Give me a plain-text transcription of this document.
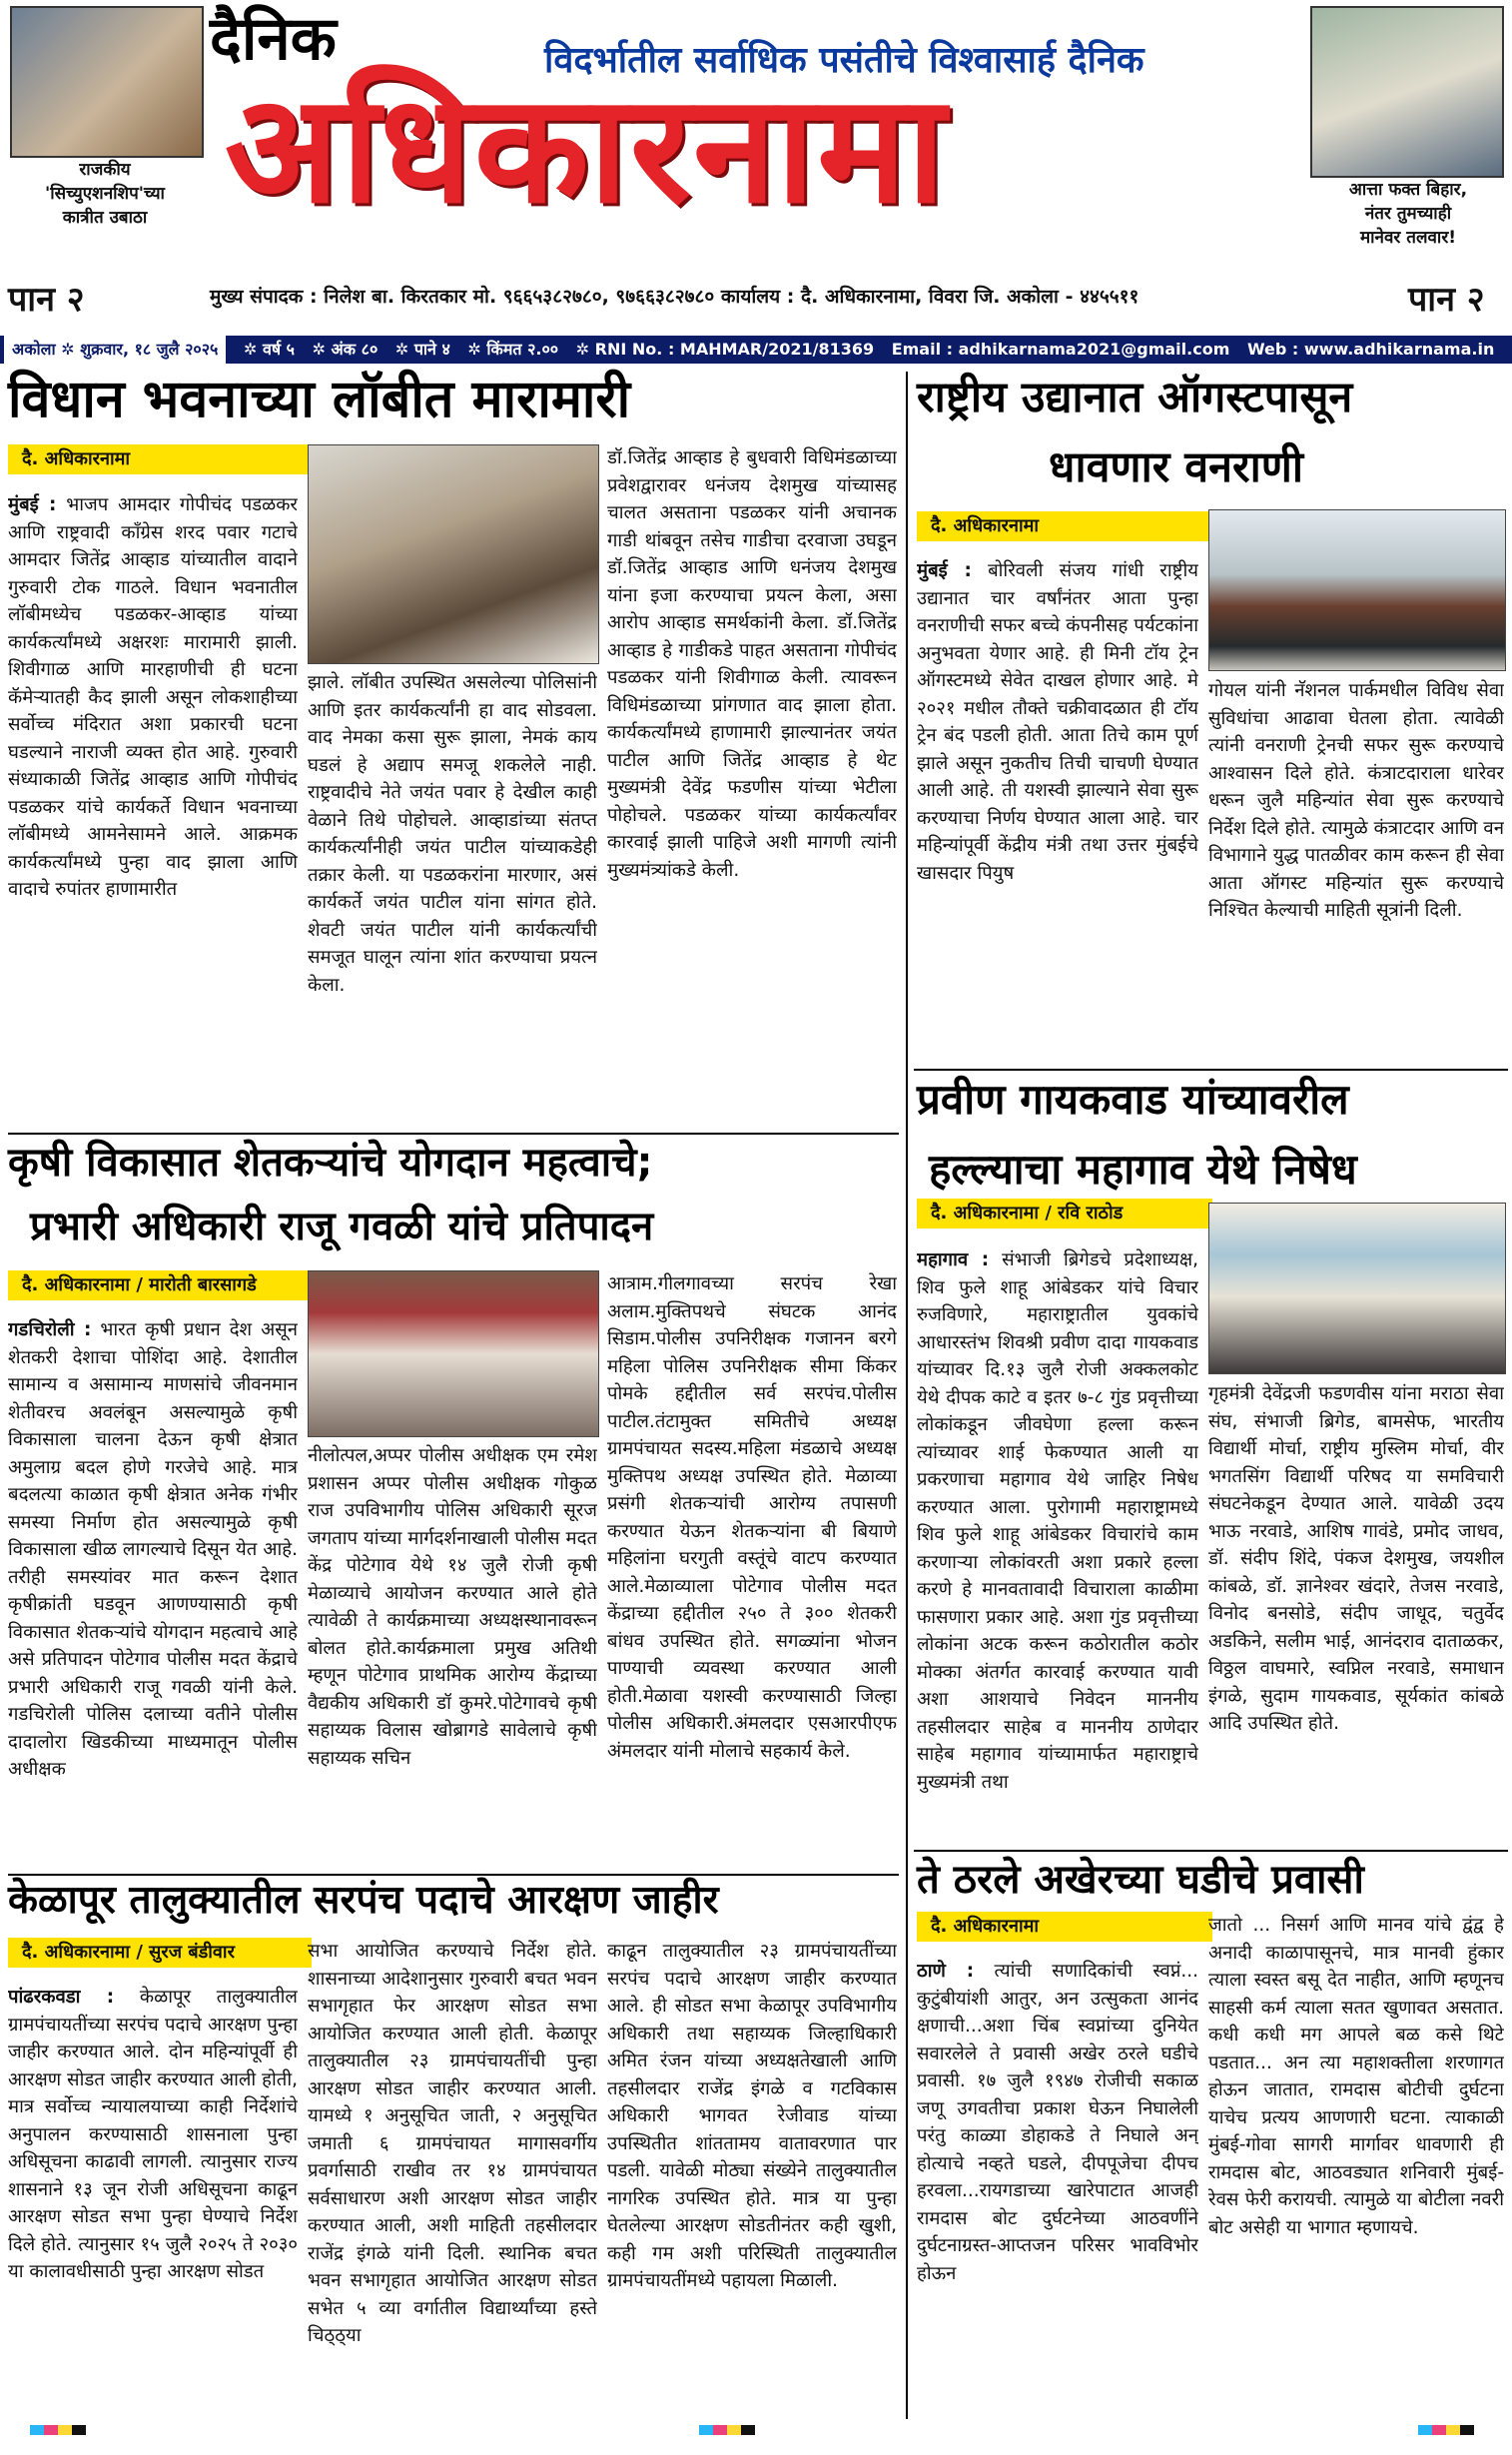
राजकीय
'सिच्युएशनशिप'च्या
कात्रीत उबाठा
दैनिक	विदर्भातील सर्वाधिक पसंतीचे विश्वासार्ह दैनिक
अधिकारनामा	आत्ता फक्त बिहार,
नंतर तुमच्याही
मानेवर तलवार!
पान २	मुख्य संपादक : निलेश बा. किरतकार मो. ९६६५३८२७८०, ९७६६३८२७८० कार्यालय : दै. अधिकारनामा, विवरा जि. अकोला - ४४५५११	पान २
अकोला ✲ शुक्रवार, १८ जुलै २०२५ ✲ वर्ष ५ ✲ अंक ८० ✲ पाने ४ ✲ किंमत २.०० ✲ RNI No. : MAHMAR/2021/81369 Email : adhikarnama2021@gmail.com Web : www.adhikarnama.in
विधान भवनाच्या लॉबीत मारामारी
दै. अधिकारनामा
मुंबई : भाजप आमदार गोपीचंद पडळकर आणि राष्ट्रवादी काँग्रेस शरद पवार गटाचे आमदार जितेंद्र आव्हाड यांच्यातील वादाने गुरुवारी टोक गाठले. विधान भवनातील लॉबीमध्येच पडळकर-आव्हाड यांच्या कार्यकर्त्यांमध्ये अक्षरशः मारामारी झाली. शिवीगाळ आणि मारहाणीची ही घटना कॅमेऱ्यातही कैद झाली असून लोकशाहीच्या सर्वोच्च मंदिरात अशा प्रकारची घटना घडल्याने नाराजी व्यक्त होत आहे. गुरुवारी संध्याकाळी जितेंद्र आव्हाड आणि गोपीचंद पडळकर यांचे कार्यकर्ते विधान भवनाच्या लॉबीमध्ये आमनेसामने आले. आक्रमक कार्यकर्त्यांमध्ये पुन्हा वाद झाला आणि वादाचे रुपांतर हाणामारीत
झाले. लॉबीत उपस्थित असलेल्या पोलिसांनी आणि इतर कार्यकर्त्यांनी हा वाद सोडवला. वाद नेमका कसा सुरू झाला, नेमकं काय घडलं हे अद्याप समजू शकलेले नाही. राष्ट्रवादीचे नेते जयंत पवार हे देखील काही वेळाने तिथे पोहोचले. आव्हाडांच्या संतप्त कार्यकर्त्यांनीही जयंत पाटील यांच्याकडेही तक्रार केली. या पडळकरांना मारणार, असं कार्यकर्ते जयंत पाटील यांना सांगत होते. शेवटी जयंत पाटील यांनी कार्यकर्त्यांची समजूत घालून त्यांना शांत करण्याचा प्रयत्न केला.
डॉ.जितेंद्र आव्हाड हे बुधवारी विधिमंडळाच्या प्रवेशद्वारावर धनंजय देशमुख यांच्यासह चालत असताना पडळकर यांनी अचानक गाडी थांबवून तसेच गाडीचा दरवाजा उघडून डॉ.जितेंद्र आव्हाड आणि धनंजय देशमुख यांना इजा करण्याचा प्रयत्न केला, असा आरोप आव्हाड समर्थकांनी केला. डॉ.जितेंद्र आव्हाड हे गाडीकडे पाहत असताना गोपीचंद पडळकर यांनी शिवीगाळ केली. त्यावरून विधिमंडळाच्या प्रांगणात वाद झाला होता. कार्यकर्त्यांमध्ये हाणामारी झाल्यानंतर जयंत पाटील आणि जितेंद्र आव्हाड हे थेट मुख्यमंत्री देवेंद्र फडणीस यांच्या भेटीला पोहोचले. पडळकर यांच्या कार्यकर्त्यांवर कारवाई झाली पाहिजे अशी मागणी त्यांनी मुख्यमंत्र्यांकडे केली.
राष्ट्रीय उद्यानात ऑगस्टपासून
धावणार वनराणी
दै. अधिकारनामा
मुंबई : बोरिवली संजय गांधी राष्ट्रीय उद्यानात चार वर्षांनंतर आता पुन्हा वनराणीची सफर बच्चे कंपनीसह पर्यटकांना अनुभवता येणार आहे. ही मिनी टॉय ट्रेन ऑगस्टमध्ये सेवेत दाखल होणार आहे. मे २०२१ मधील तौक्ते चक्रीवादळात ही टॉय ट्रेन बंद पडली होती. आता तिचे काम पूर्ण झाले असून नुकतीच तिची चाचणी घेण्यात आली आहे. ती यशस्वी झाल्याने सेवा सुरू करण्याचा निर्णय घेण्यात आला आहे. चार महिन्यांपूर्वी केंद्रीय मंत्री तथा उत्तर मुंबईचे खासदार पियुष
गोयल यांनी नॅशनल पार्कमधील विविध सेवा सुविधांचा आढावा घेतला होता. त्यावेळी त्यांनी वनराणी ट्रेनची सफर सुरू करण्याचे आश्वासन दिले होते. कंत्राटदाराला धारेवर धरून जुलै महिन्यांत सेवा सुरू करण्याचे निर्देश दिले होते. त्यामुळे कंत्राटदार आणि वन विभागाने युद्ध पातळीवर काम करून ही सेवा आता ऑगस्ट महिन्यांत सुरू करण्याचे निश्चित केल्याची माहिती सूत्रांनी दिली.
कृषी विकासात शेतकऱ्यांचे योगदान महत्वाचे;
प्रभारी अधिकारी राजू गवळी यांचे प्रतिपादन
दै. अधिकारनामा / मारोती बारसागडे
गडचिरोली : भारत कृषी प्रधान देश असून शेतकरी देशाचा पोशिंदा आहे. देशातील सामान्य व असामान्य माणसांचे जीवनमान शेतीवरच अवलंबून असल्यामुळे कृषी विकासाला चालना देऊन कृषी क्षेत्रात अमुलाग्र बदल होणे गरजेचे आहे. मात्र बदलत्या काळात कृषी क्षेत्रात अनेक गंभीर समस्या निर्माण होत असल्यामुळे कृषी विकासाला खीळ लागल्याचे दिसून येत आहे. तरीही समस्यांवर मात करून देशात कृषीक्रांती घडवून आणण्यासाठी कृषी विकासात शेतकऱ्यांचे योगदान महत्वाचे आहे असे प्रतिपादन पोटेगाव पोलीस मदत केंद्राचे प्रभारी अधिकारी राजू गवळी यांनी केले. गडचिरोली पोलिस दलाच्या वतीने पोलीस दादालोरा खिडकीच्या माध्यमातून पोलीस अधीक्षक
नीलोत्पल,अप्पर पोलीस अधीक्षक एम रमेश प्रशासन अप्पर पोलीस अधीक्षक गोकुळ राज उपविभागीय पोलिस अधिकारी सूरज जगताप यांच्या मार्गदर्शनाखाली पोलीस मदत केंद्र पोटेगाव येथे १४ जुलै रोजी कृषी मेळाव्याचे आयोजन करण्यात आले होते त्यावेळी ते कार्यक्रमाच्या अध्यक्षस्थानावरून बोलत होते.कार्यक्रमाला प्रमुख अतिथी म्हणून पोटेगाव प्राथमिक आरोग्य केंद्राच्या वैद्यकीय अधिकारी डॉ कुमरे.पोटेगावचे कृषी सहाय्यक विलास खोब्रागडे सावेलाचे कृषी सहाय्यक सचिन
आत्राम.गीलगावच्या सरपंच रेखा अलाम.मुक्तिपथचे संघटक आनंद सिडाम.पोलीस उपनिरीक्षक गजानन बरगे महिला पोलिस उपनिरीक्षक सीमा किंकर पोमके हद्दीतील सर्व सरपंच.पोलीस पाटील.तंटामुक्त समितीचे अध्यक्ष ग्रामपंचायत सदस्य.महिला मंडळाचे अध्यक्ष मुक्तिपथ अध्यक्ष उपस्थित होते. मेळाव्या प्रसंगी शेतकऱ्यांची आरोग्य तपासणी करण्यात येऊन शेतकऱ्यांना बी बियाणे महिलांना घरगुती वस्तूंचे वाटप करण्यात आले.मेळाव्याला पोटेगाव पोलीस मदत केंद्राच्या हद्दीतील २५० ते ३०० शेतकरी बांधव उपस्थित होते. सगळ्यांना भोजन पाण्याची व्यवस्था करण्यात आली होती.मेळावा यशस्वी करण्यासाठी जिल्हा पोलीस अधिकारी.अंमलदार एसआरपीएफ अंमलदार यांनी मोलाचे सहकार्य केले.
प्रवीण गायकवाड यांच्यावरील
हल्ल्याचा महागाव येथे निषेध
दै. अधिकारनामा / रवि राठोड
महागाव : संभाजी ब्रिगेडचे प्रदेशाध्यक्ष, शिव फुले शाहू आंबेडकर यांचे विचार रुजविणारे, महाराष्ट्रातील युवकांचे आधारस्तंभ शिवश्री प्रवीण दादा गायकवाड यांच्यावर दि.१३ जुलै रोजी अक्कलकोट येथे दीपक काटे व इतर ७-८ गुंड प्रवृत्तीच्या लोकांकडून जीवघेणा हल्ला करून त्यांच्यावर शाई फेकण्यात आली या प्रकरणाचा महागाव येथे जाहिर निषेध करण्यात आला. पुरोगामी महाराष्ट्रामध्ये शिव फुले शाहू आंबेडकर विचारांचे काम करणाऱ्या लोकांवरती अशा प्रकारे हल्ला करणे हे मानवतावादी विचाराला काळीमा फासणारा प्रकार आहे. अशा गुंड प्रवृत्तीच्या लोकांना अटक करून कठोरातील कठोर मोक्का अंतर्गत कारवाई करण्यात यावी अशा आशयाचे निवेदन माननीय तहसीलदार साहेब व माननीय ठाणेदार साहेब महागाव यांच्यामार्फत महाराष्ट्राचे मुख्यमंत्री तथा
गृहमंत्री देवेंद्रजी फडणवीस यांना मराठा सेवा संघ, संभाजी ब्रिगेड, बामसेफ, भारतीय विद्यार्थी मोर्चा, राष्ट्रीय मुस्लिम मोर्चा, वीर भगतसिंग विद्यार्थी परिषद या समविचारी संघटनेकडून देण्यात आले. यावेळी उदय भाऊ नरवाडे, आशिष गावंडे, प्रमोद जाधव, डॉ. संदीप शिंदे, पंकज देशमुख, जयशील कांबळे, डॉ. ज्ञानेश्वर खंदारे, तेजस नरवाडे, विनोद बनसोडे, संदीप जाधूद, चतुर्वेद अडकिने, सलीम भाई, आनंदराव दाताळकर, विठ्ठल वाघमारे, स्वप्निल नरवाडे, समाधान इंगळे, सुदाम गायकवाड, सूर्यकांत कांबळे आदि उपस्थित होते.
केळापूर तालुक्यातील सरपंच पदाचे आरक्षण जाहीर
दै. अधिकारनामा / सुरज बंडीवार
पांढरकवडा : केळापूर तालुक्यातील ग्रामपंचायतींच्या सरपंच पदाचे आरक्षण पुन्हा जाहीर करण्यात आले. दोन महिन्यांपूर्वी ही आरक्षण सोडत जाहीर करण्यात आली होती, मात्र सर्वोच्च न्यायालयाच्या काही निर्देशांचे अनुपालन करण्यासाठी शासनाला पुन्हा अधिसूचना काढावी लागली. त्यानुसार राज्य शासनाने १३ जून रोजी अधिसूचना काढून आरक्षण सोडत सभा पुन्हा घेण्याचे निर्देश दिले होते. त्यानुसार १५ जुलै २०२५ ते २०३० या कालावधीसाठी पुन्हा आरक्षण सोडत
सभा आयोजित करण्याचे निर्देश होते. शासनाच्या आदेशानुसार गुरुवारी बचत भवन सभागृहात फेर आरक्षण सोडत सभा आयोजित करण्यात आली होती. केळापूर तालुक्यातील २३ ग्रामपंचायतींची पुन्हा आरक्षण सोडत जाहीर करण्यात आली. यामध्ये १ अनुसूचित जाती, २ अनुसूचित जमाती ६ ग्रामपंचायत मागासवर्गीय प्रवर्गासाठी राखीव तर १४ ग्रामपंचायत सर्वसाधारण अशी आरक्षण सोडत जाहीर करण्यात आली, अशी माहिती तहसीलदार राजेंद्र इंगळे यांनी दिली. स्थानिक बचत भवन सभागृहात आयोजित आरक्षण सोडत सभेत ५ व्या वर्गातील विद्यार्थ्यांच्या हस्ते चिठ्ठ्या
काढून तालुक्यातील २३ ग्रामपंचायतींच्या सरपंच पदाचे आरक्षण जाहीर करण्यात आले. ही सोडत सभा केळापूर उपविभागीय अधिकारी तथा सहाय्यक जिल्हाधिकारी अमित रंजन यांच्या अध्यक्षतेखाली आणि तहसीलदार राजेंद्र इंगळे व गटविकास अधिकारी भागवत रेजीवाड यांच्या उपस्थितीत शांततामय वातावरणात पार पडली. यावेळी मोठ्या संख्येने तालुक्यातील नागरिक उपस्थित होते. मात्र या पुन्हा घेतलेल्या आरक्षण सोडतीनंतर कही खुशी, कही गम अशी परिस्थिती तालुक्यातील ग्रामपंचायतींमध्ये पहायला मिळाली.
ते ठरले अखेरच्या घडीचे प्रवासी
दै. अधिकारनामा
ठाणे : त्यांची सणादिकांची स्वप्नं... कुटुंबीयांशी आतुर, अन उत्सुकता आनंद क्षणाची...अशा चिंब स्वप्नांच्या दुनियेत सवारलेले ते प्रवासी अखेर ठरले घडीचे प्रवासी. १७ जुलै १९४७ रोजीची सकाळ जणू उगवतीचा प्रकाश घेऊन निघालेली परंतु काळ्या डोहाकडे ते निघाले अन् होत्याचे नव्हते घडले, दीपपूजेचा दीपच हरवला...रायगडाच्या खारेपाटात आजही रामदास बोट दुर्घटनेच्या आठवणींने दुर्घटनाग्रस्त-आप्तजन परिसर भावविभोर होऊन
जातो ... निसर्ग आणि मानव यांचे द्वंद्व हे अनादी काळापासूनचे, मात्र मानवी हुंकार त्याला स्वस्त बसू देत नाहीत, आणि म्हणूनच साहसी कर्म त्याला सतत खुणावत असतात. कधी कधी मग आपले बळ कसे थिटे पडतात... अन त्या महाशक्तीला शरणागत होऊन जातात, रामदास बोटीची दुर्घटना याचेच प्रत्यय आणणारी घटना. त्याकाळी मुंबई-गोवा सागरी मार्गावर धावणारी ही रामदास बोट, आठवड्यात शनिवारी मुंबई-रेवस फेरी करायची. त्यामुळे या बोटीला नवरी बोट असेही या भागात म्हणायचे.
